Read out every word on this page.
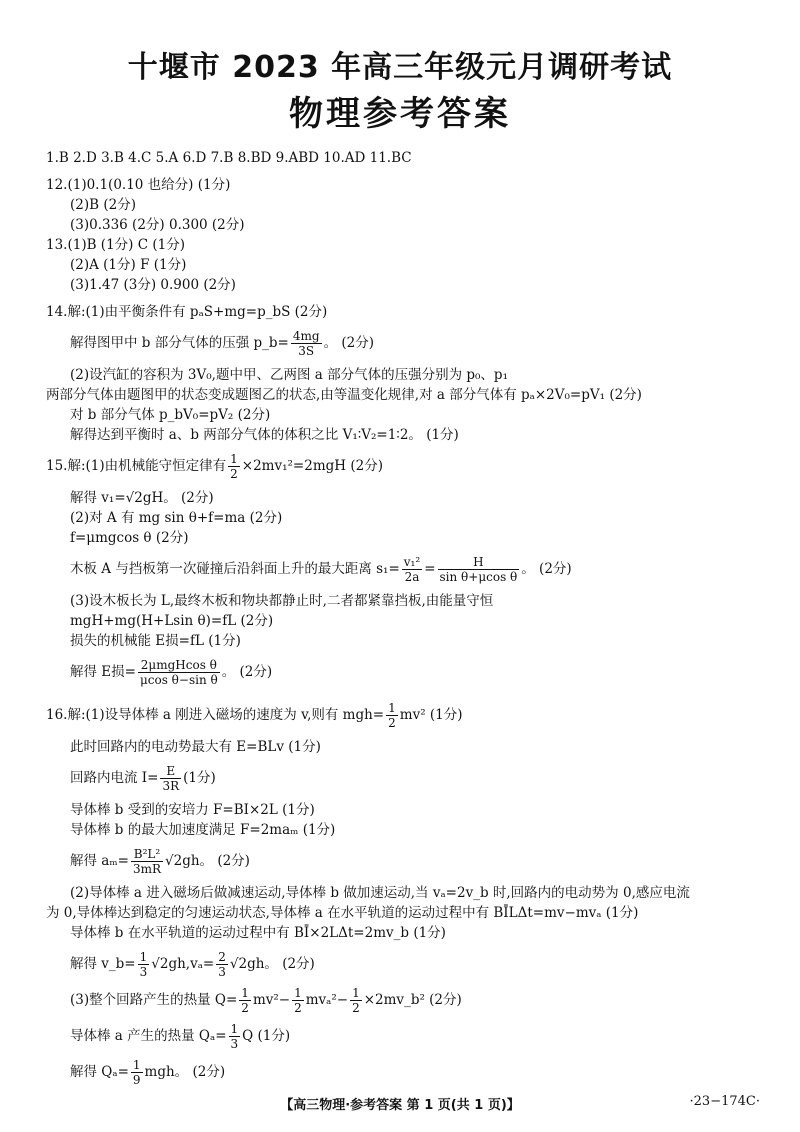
十堰市 2023 年高三年级元月调研考试
物理参考答案
1.B 2.D 3.B 4.C 5.A 6.D 7.B 8.BD 9.ABD 10.AD 11.BC
12.(1)0.1(0.10 也给分) (1分)
(2)B (2分)
(3)0.336 (2分) 0.300 (2分)
13.(1)B (1分) C (1分)
(2)A (1分) F (1分)
(3)1.47 (3分) 0.900 (2分)
14.解:(1)由平衡条件有 pₐS+mg=p_bS (2分)
解得图甲中 b 部分气体的压强 p_b= $\frac{4mg}{3S}$ 。 (2分)
(2)设汽缸的容积为 3V₀,题中甲、乙两图 a 部分气体的压强分别为 p₀、p₁
两部分气体由题图甲的状态变成题图乙的状态,由等温变化规律,对 a 部分气体有 pₐ×2V₀=pV₁ (2分)
对 b 部分气体 p_bV₀=pV₂ (2分)
解得达到平衡时 a、b 两部分气体的体积之比 V₁∶V₂=1∶2。 (1分)
15.解:(1)由机械能守恒定律有 $\frac{1}{2} \times 2mv_1^2=2mgH$ (2分)
解得 v₁=√2gH。 (2分)
(2)对 A 有 mg sin θ+f=ma (2分)
f=μmgcos θ (2分)
木板 A 与挡板第一次碰撞后沿斜面上升的最大距离 $s_1= \frac{\text{v₁²}}{2a} = \frac{H}{\text{sin θ+μcos θ}}$ 。 (2分)
(3)设木板长为 L,最终木板和物块都静止时,二者都紧靠挡板,由能量守恒
mgH+mg(H+Lsin θ)=fL (2分)
损失的机械能 E损=fL (1分)
解得 E损= $\frac{\text{2μmgHcos θ}}{\text{μcos θ−sin θ}}$ 。 (2分)
16.解:(1)设导体棒 a 刚进入磁场的速度为 v,则有 $mgh= \frac{1}{2} mv^2$ (1分)
此时回路内的电动势最大有 E=BLv (1分)
回路内电流 $I= \frac{E}{3R} (1$分)
导体棒 b 受到的安培力 F=BI×2L (1分)
导体棒 b 的最大加速度满足 F=2maₘ (1分)
解得 $a_m= \frac{\text{B²L²}}{3mR} √2gh$。 (2分)
(2)导体棒 a 进入磁场后做减速运动,导体棒 b 做加速运动,当 vₐ=2v_b 时,回路内的电动势为 0,感应电流
为 0,导体棒达到稳定的匀速运动状态,导体棒 a 在水平轨道的运动过程中有 BĪLΔt=mv−mvₐ (1分)
导体棒 b 在水平轨道的运动过程中有 BĪ×2LΔt=2mv_b (1分)
解得 v_b= $\frac{1}{3} √2gh,v_a= \frac{2}{3} √2gh$。 (2分)
(3)整个回路产生的热量 $Q= \frac{1}{2} mv^2- \frac{1}{2} mv_a^2- \frac{1}{2}$ ×2mv_b² (2分)
导体棒 a 产生的热量 $Q_a= \frac{1}{3}$ Q (1分)
解得 $Q_a= \frac{1}{9}$ mgh。 (2分)
【高三物理·参考答案 第 1 页(共 1 页)】	·23−174C·
